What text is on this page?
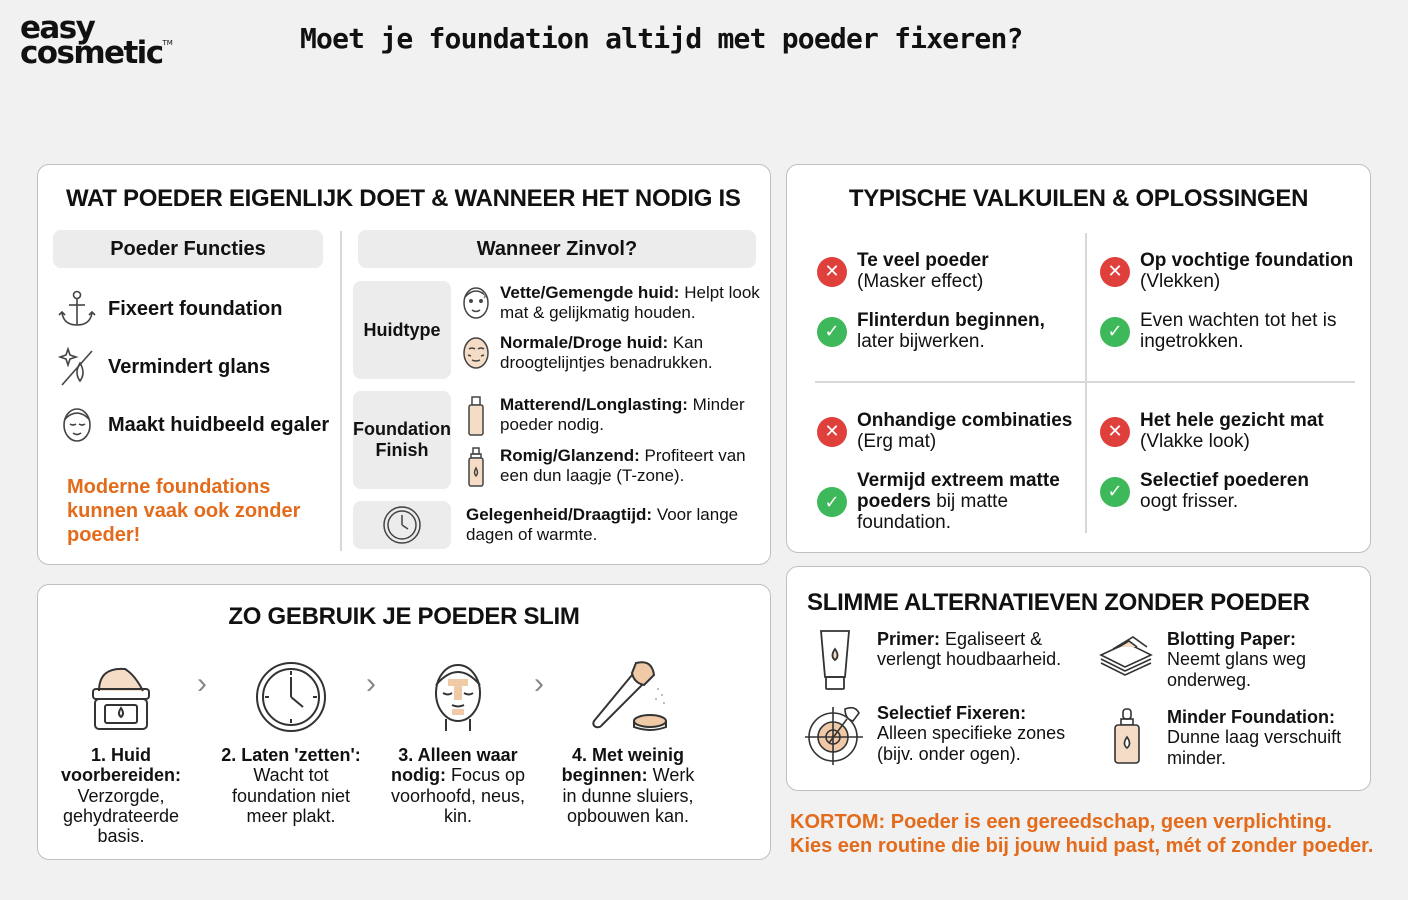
easy
cosmetic™	Moet je foundation altijd met poeder fixeren?
WAT POEDER EIGENLIJK DOET & WANNEER HET NODIG IS
Poeder Functies	Wanneer Zinvol?
Fixeert foundation
Vermindert glans
Maakt huidbeeld egaler
Moderne foundations kunnen vaak ook zonder poeder!
Huidtype
Vette/Gemengde huid: Helpt look mat & gelijkmatig houden.
Normale/Droge huid: Kan droogtelijntjes benadrukken.
Foundation Finish
Matterend/Longlasting: Minder poeder nodig.
Romig/Glanzend: Profiteert van een dun laagje (T-zone).
Gelegenheid/Draagtijd: Voor lange dagen of warmte.
TYPISCHE VALKUILEN & OPLOSSINGEN
✕
Te veel poeder
(Masker effect)
✓
Flinterdun beginnen,
later bijwerken.
✕
Op vochtige foundation
(Vlekken)
✓
Even wachten tot het is ingetrokken.
✕
Onhandige combinaties
(Erg mat)
✓
Vermijd extreem matte poeders bij matte foundation.
✕
Het hele gezicht mat
(Vlakke look)
✓
Selectief poederen
oogt frisser.
ZO GEBRUIK JE POEDER SLIM
1. Huid voorbereiden: Verzorgde, gehydrateerde basis.
›
2. Laten 'zetten': Wacht tot foundation niet meer plakt.
›
3. Alleen waar nodig: Focus op voorhoofd, neus, kin.
›
4. Met weinig beginnen: Werk in dunne sluiers, opbouwen kan.
SLIMME ALTERNATIEVEN ZONDER POEDER
Primer: Egaliseert & verlengt houdbaarheid.
Blotting Paper:
Neemt glans weg onderweg.
Selectief Fixeren:
Alleen specifieke zones (bijv. onder ogen).
Minder Foundation:
Dunne laag verschuift minder.
KORTOM: Poeder is een gereedschap, geen verplichting.
Kies een routine die bij jouw huid past, mét of zonder poeder.
